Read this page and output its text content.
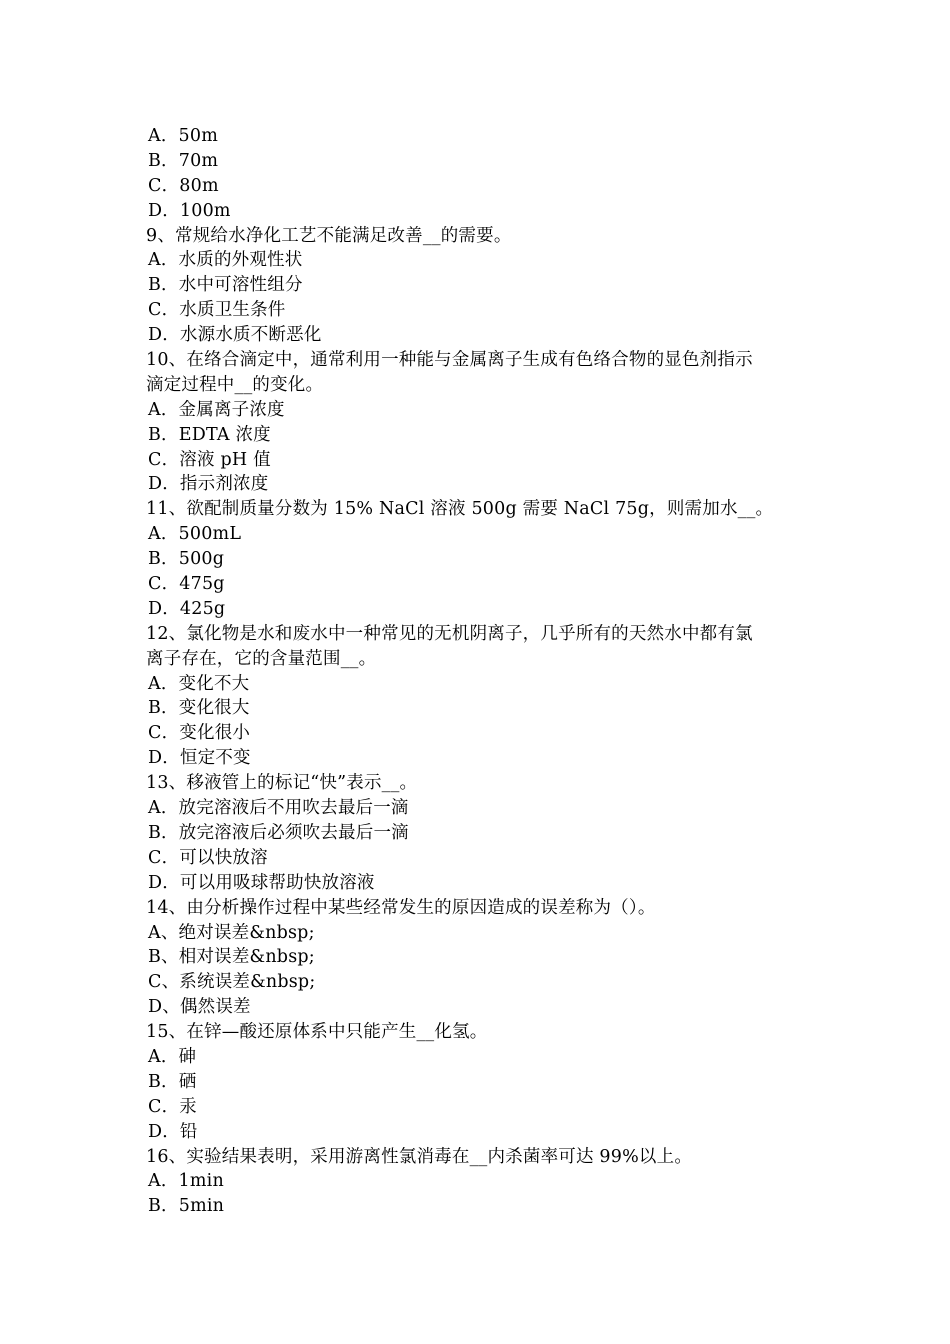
A．50m
B．70m
C．80m
D．100m
9、常规给水净化工艺不能满足改善__的需要。
A．水质的外观性状
B．水中可溶性组分
C．水质卫生条件
D．水源水质不断恶化
10、在络合滴定中，通常利用一种能与金属离子生成有色络合物的显色剂指示
滴定过程中__的变化。
A．金属离子浓度
B．EDTA 浓度
C．溶液 pH 值
D．指示剂浓度
11、欲配制质量分数为 15% NaCl 溶液 500g 需要 NaCl 75g，则需加水__。
A．500mL
B．500g
C．475g
D．425g
12、氯化物是水和废水中一种常见的无机阴离子，几乎所有的天然水中都有氯
离子存在，它的含量范围__。
A．变化不大
B．变化很大
C．变化很小
D．恒定不变
13、移液管上的标记“快”表示__。
A．放完溶液后不用吹去最后一滴
B．放完溶液后必须吹去最后一滴
C．可以快放溶
D．可以用吸球帮助快放溶液
14、由分析操作过程中某些经常发生的原因造成的误差称为（）。
A、绝对误差&nbsp;
B、相对误差&nbsp;
C、系统误差&nbsp;
D、偶然误差
15、在锌—酸还原体系中只能产生__化氢。
A．砷
B．硒
C．汞
D．铅
16、实验结果表明，采用游离性氯消毒在__内杀菌率可达 99%以上。
A．1min
B．5min
